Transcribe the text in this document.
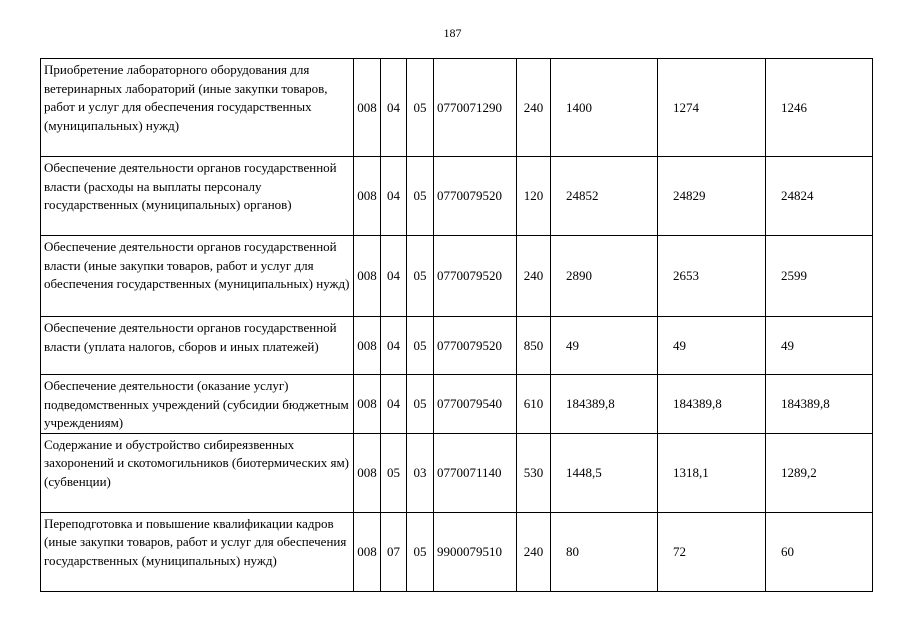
187
Приобретение лабораторного оборудования для ветеринарных лабораторий (иные закупки товаров, работ и услуг для обеспечения государственных (муниципальных) нужд)	008	04	05	0770071290	240	1400	1274	1246
Обеспечение деятельности органов государственной власти (расходы на выплаты персоналу государственных (муниципальных) органов)	008	04	05	0770079520	120	24852	24829	24824
Обеспечение деятельности органов государственной власти (иные закупки товаров, работ и услуг для обеспечения государственных (муниципальных) нужд)	008	04	05	0770079520	240	2890	2653	2599
Обеспечение деятельности органов государственной власти (уплата налогов, сборов и иных платежей)	008	04	05	0770079520	850	49	49	49
Обеспечение деятельности (оказание услуг) подведомственных учреждений (субсидии бюджетным учреждениям)	008	04	05	0770079540	610	184389,8	184389,8	184389,8
Содержание и обустройство сибиреязвенных захоронений и скотомогильников (биотермических ям) (субвенции)	008	05	03	0770071140	530	1448,5	1318,1	1289,2
Переподготовка и повышение квалификации кадров (иные закупки товаров, работ и услуг для обеспечения государственных (муниципальных) нужд)	008	07	05	9900079510	240	80	72	60
